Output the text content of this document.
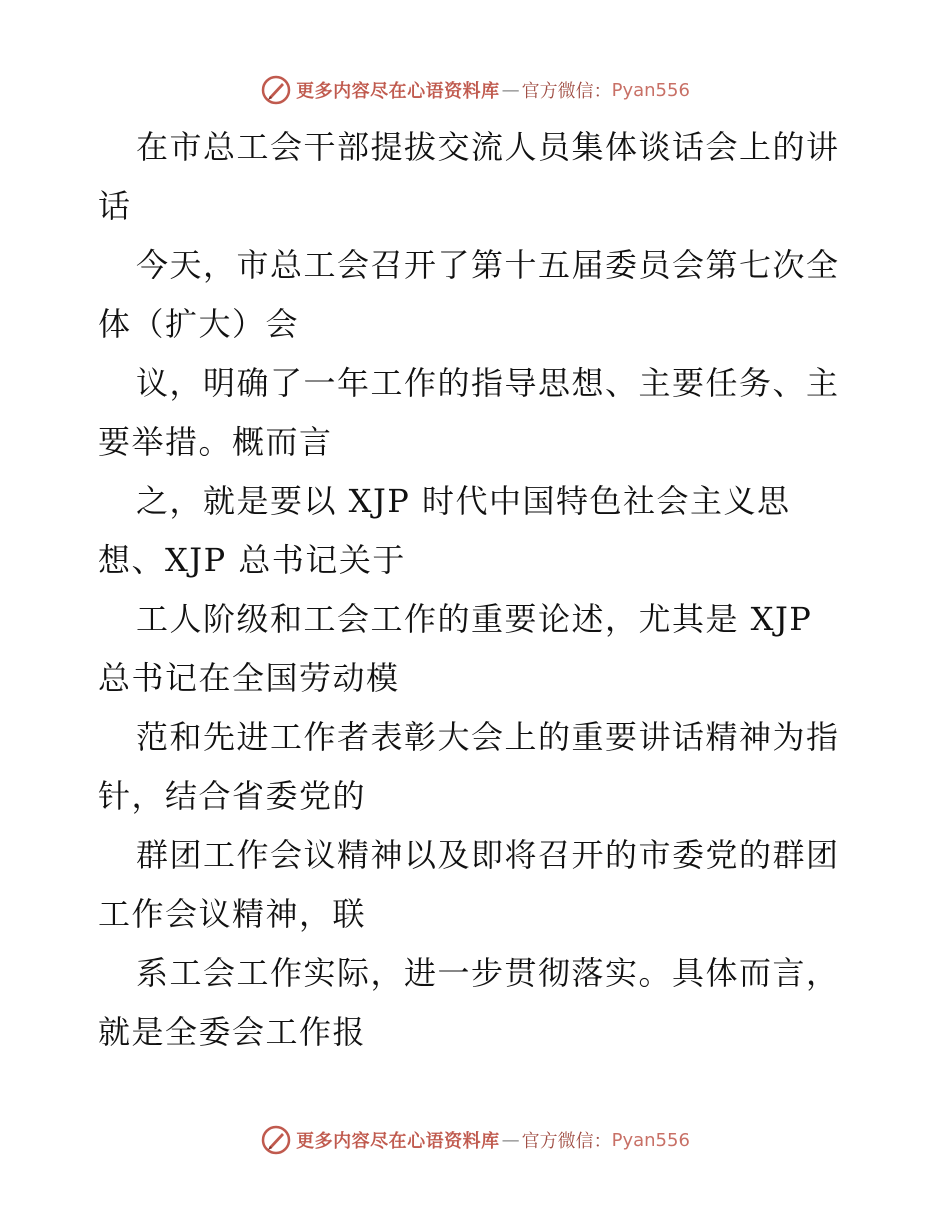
更多内容尽在心语资料库 — 官方微信： Pyan556
在市总工会干部提拔交流人员集体谈话会上的讲
话
今天，市总工会召开了第十五届委员会第七次全
体（扩大）会
议，明确了一年工作的指导思想、主要任务、主
要举措。概而言
之，就是要以 XJP 时代中国特色社会主义思
想、XJP 总书记关于
工人阶级和工会工作的重要论述，尤其是 XJP
总书记在全国劳动模
范和先进工作者表彰大会上的重要讲话精神为指
针，结合省委党的
群团工作会议精神以及即将召开的市委党的群团
工作会议精神，联
系工会工作实际，进一步贯彻落实。具体而言，
就是全委会工作报
更多内容尽在心语资料库 — 官方微信： Pyan556
